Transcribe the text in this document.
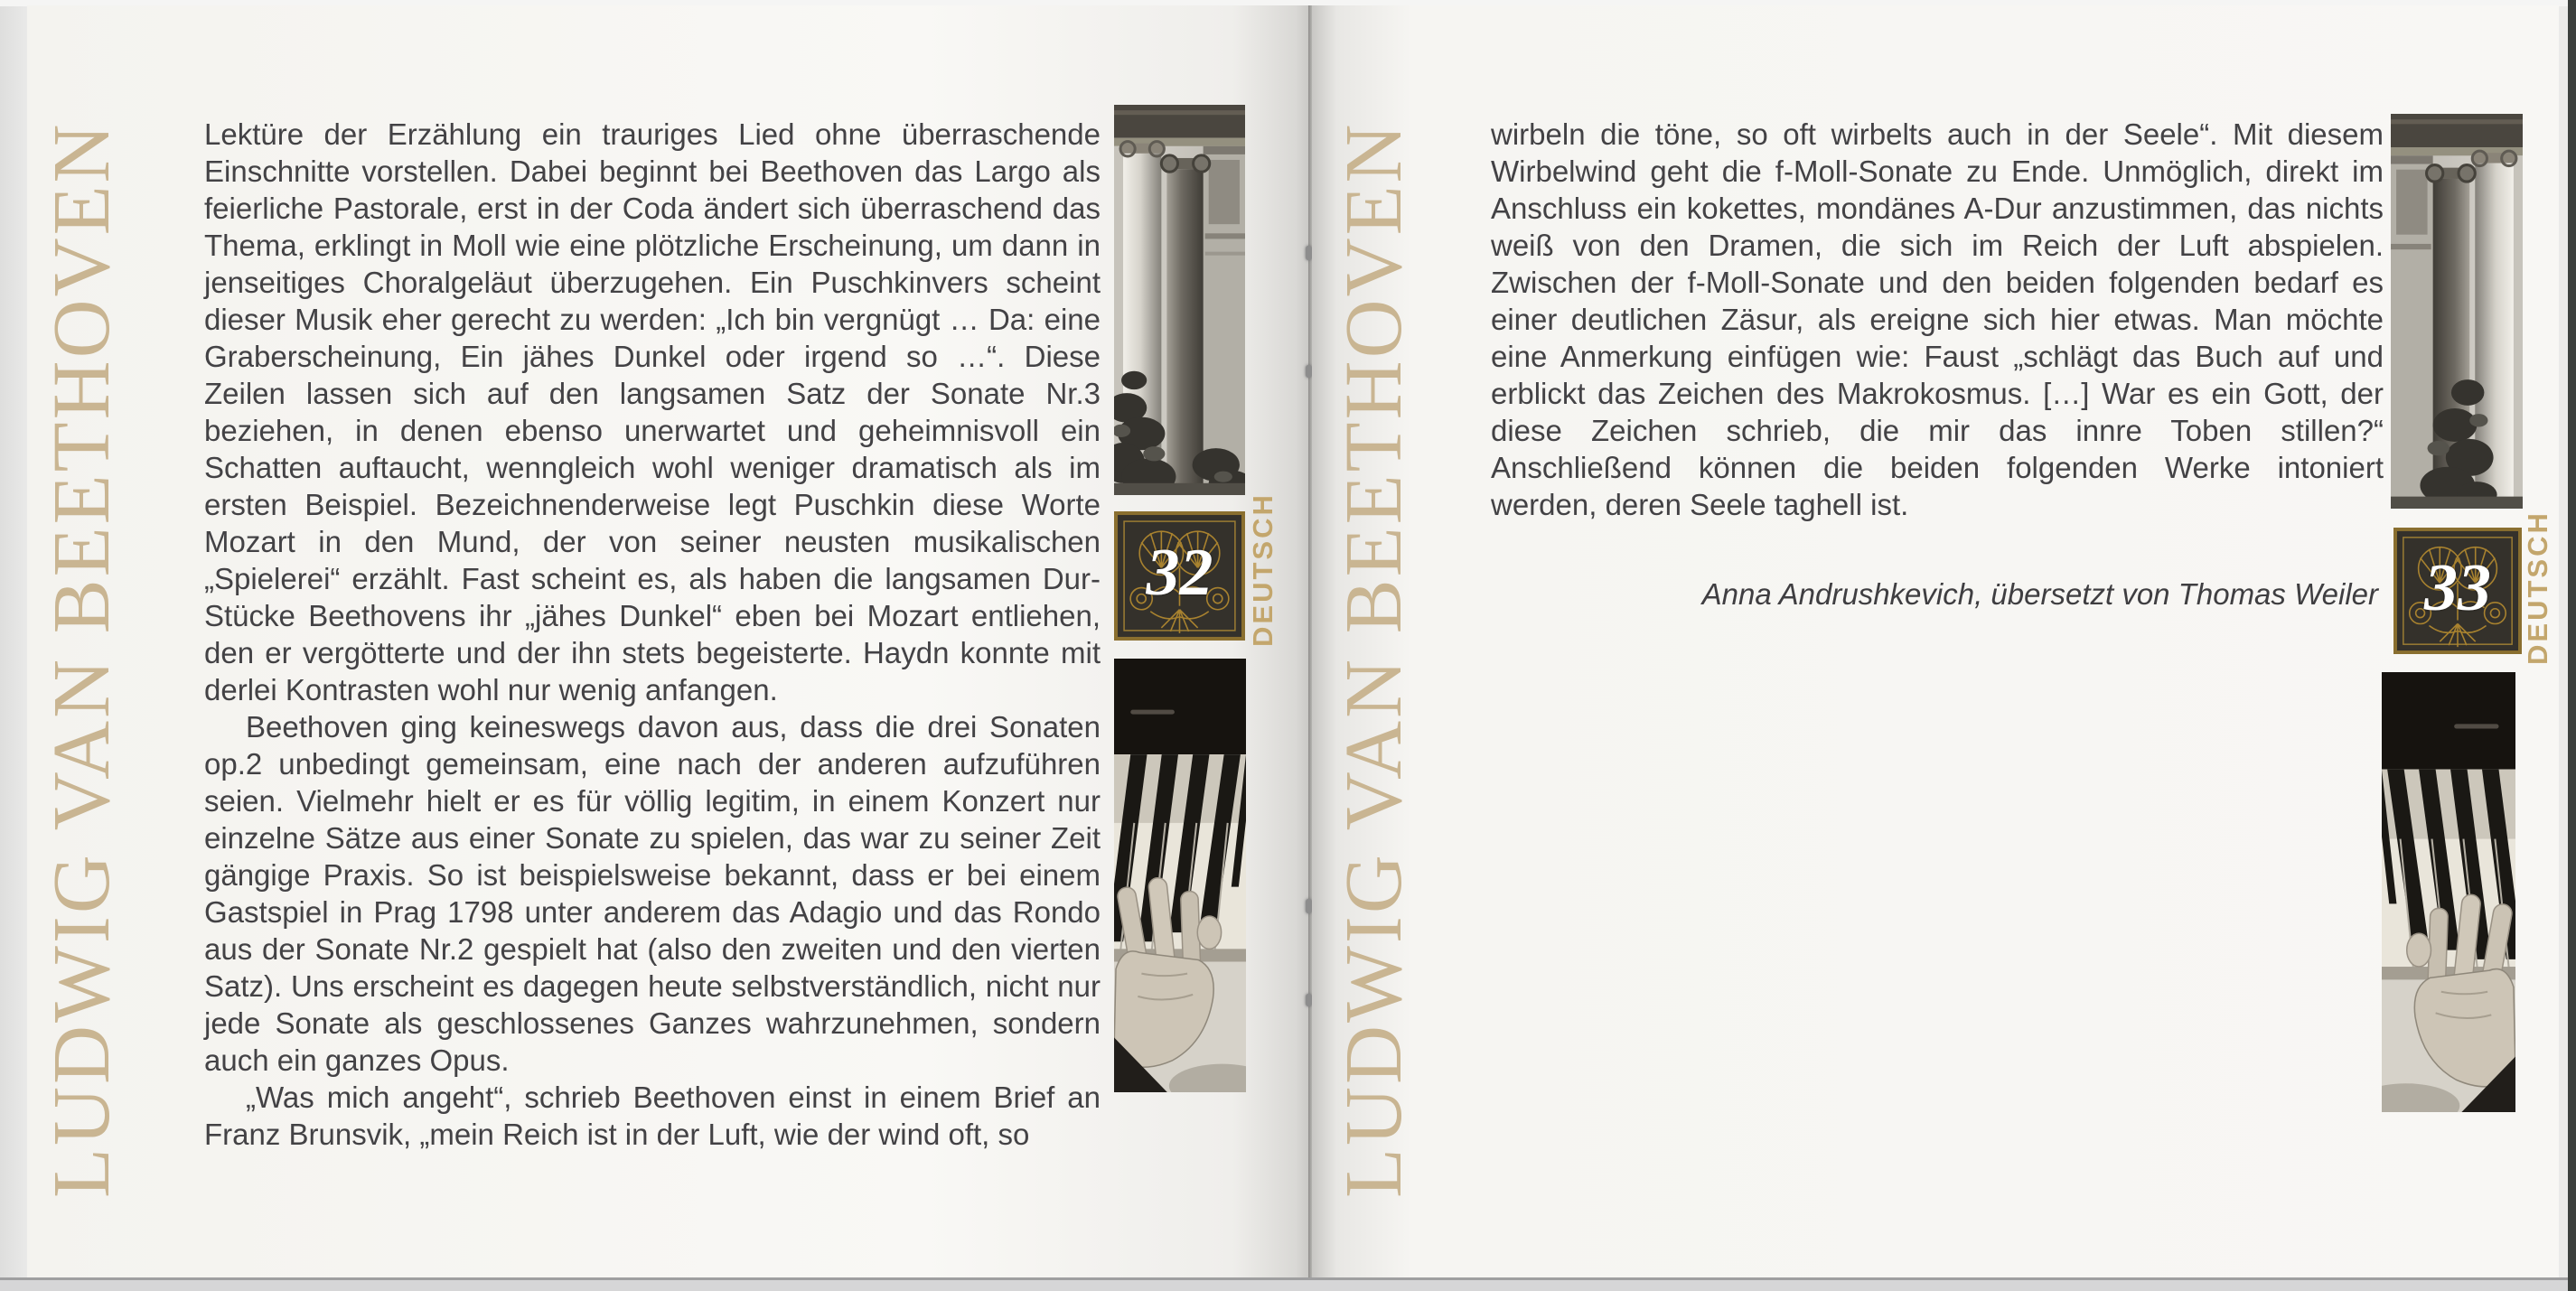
LUDWIG VAN BEETHOVEN	Lektüre der Erzählung ein trauriges Lied ohne überraschende Einschnitte vorstellen. Dabei beginnt bei Beethoven das Largo als feierliche Pastorale, erst in der Coda ändert sich überraschend das Thema, erklingt in Moll wie eine plötzliche Erscheinung, um dann in jenseitiges Choralgeläut überzugehen. Ein Puschkinvers scheint dieser Musik eher gerecht zu werden: „Ich bin vergnügt … Da: eine Graberscheinung, Ein jähes Dunkel oder irgend so …“. Diese Zeilen lassen sich auf den langsamen Satz der Sonate Nr.3 beziehen, in denen ebenso unerwartet und geheimnisvoll ein Schatten auftaucht, wenngleich wohl weniger dramatisch als im ersten Beispiel. Bezeichnenderweise legt Puschkin diese Worte Mozart in den Mund, der von seiner neusten musikalischen „Spielerei“ erzählt. Fast scheint es, als haben die langsamen Dur-Stücke Beethovens ihr „jähes Dunkel“ eben bei Mozart entliehen, den er vergötterte und der ihn stets begeisterte. Haydn konnte mit derlei Kontrasten wohl nur wenig anfangen.

Beethoven ging keineswegs davon aus, dass die drei Sonaten op.2 unbedingt gemeinsam, eine nach der anderen aufzuführen seien. Vielmehr hielt er es für völlig legitim, in einem Konzert nur einzelne Sätze aus einer Sonate zu spielen, das war zu seiner Zeit gängige Praxis. So ist beispielsweise bekannt, dass er bei einem Gastspiel in Prag 1798 unter anderem das Adagio und das Rondo aus der Sonate Nr.2 gespielt hat (also den zweiten und den vierten Satz). Uns erscheint es dagegen heute selbstverständlich, nicht nur jede Sonate als geschlossenes Ganzes wahrzunehmen, sondern auch ein ganzes Opus.

„Was mich angeht“, schrieb Beethoven einst in einem Brief an Franz Brunsvik, „mein Reich ist in der Luft, wie der wind oft, so

32	DEUTSCH LUDWIG VAN BEETHOVEN wirbeln die töne, so oft wirbelts auch in der Seele“. Mit diesem Wirbelwind geht die f-Moll-Sonate zu Ende. Unmöglich, direkt im Anschluss ein kokettes, mondänes A-Dur anzustimmen, das nichts weiß von den Dramen, die sich im Reich der Luft abspielen. Zwischen der f-Moll-Sonate und den beiden folgenden bedarf es einer deutlichen Zäsur, als ereigne sich hier etwas. Man möchte eine Anmerkung einfügen wie: Faust „schlägt das Buch auf und erblickt das Zeichen des Makrokosmus. […] War es ein Gott, der diese Zeichen schrieb, die mir das innre Toben stillen?“ Anschließend können die beiden folgenden Werke intoniert werden, deren Seele taghell ist.

Anna Andrushkevich, übersetzt von Thomas Weiler 33	DEUTSCH
